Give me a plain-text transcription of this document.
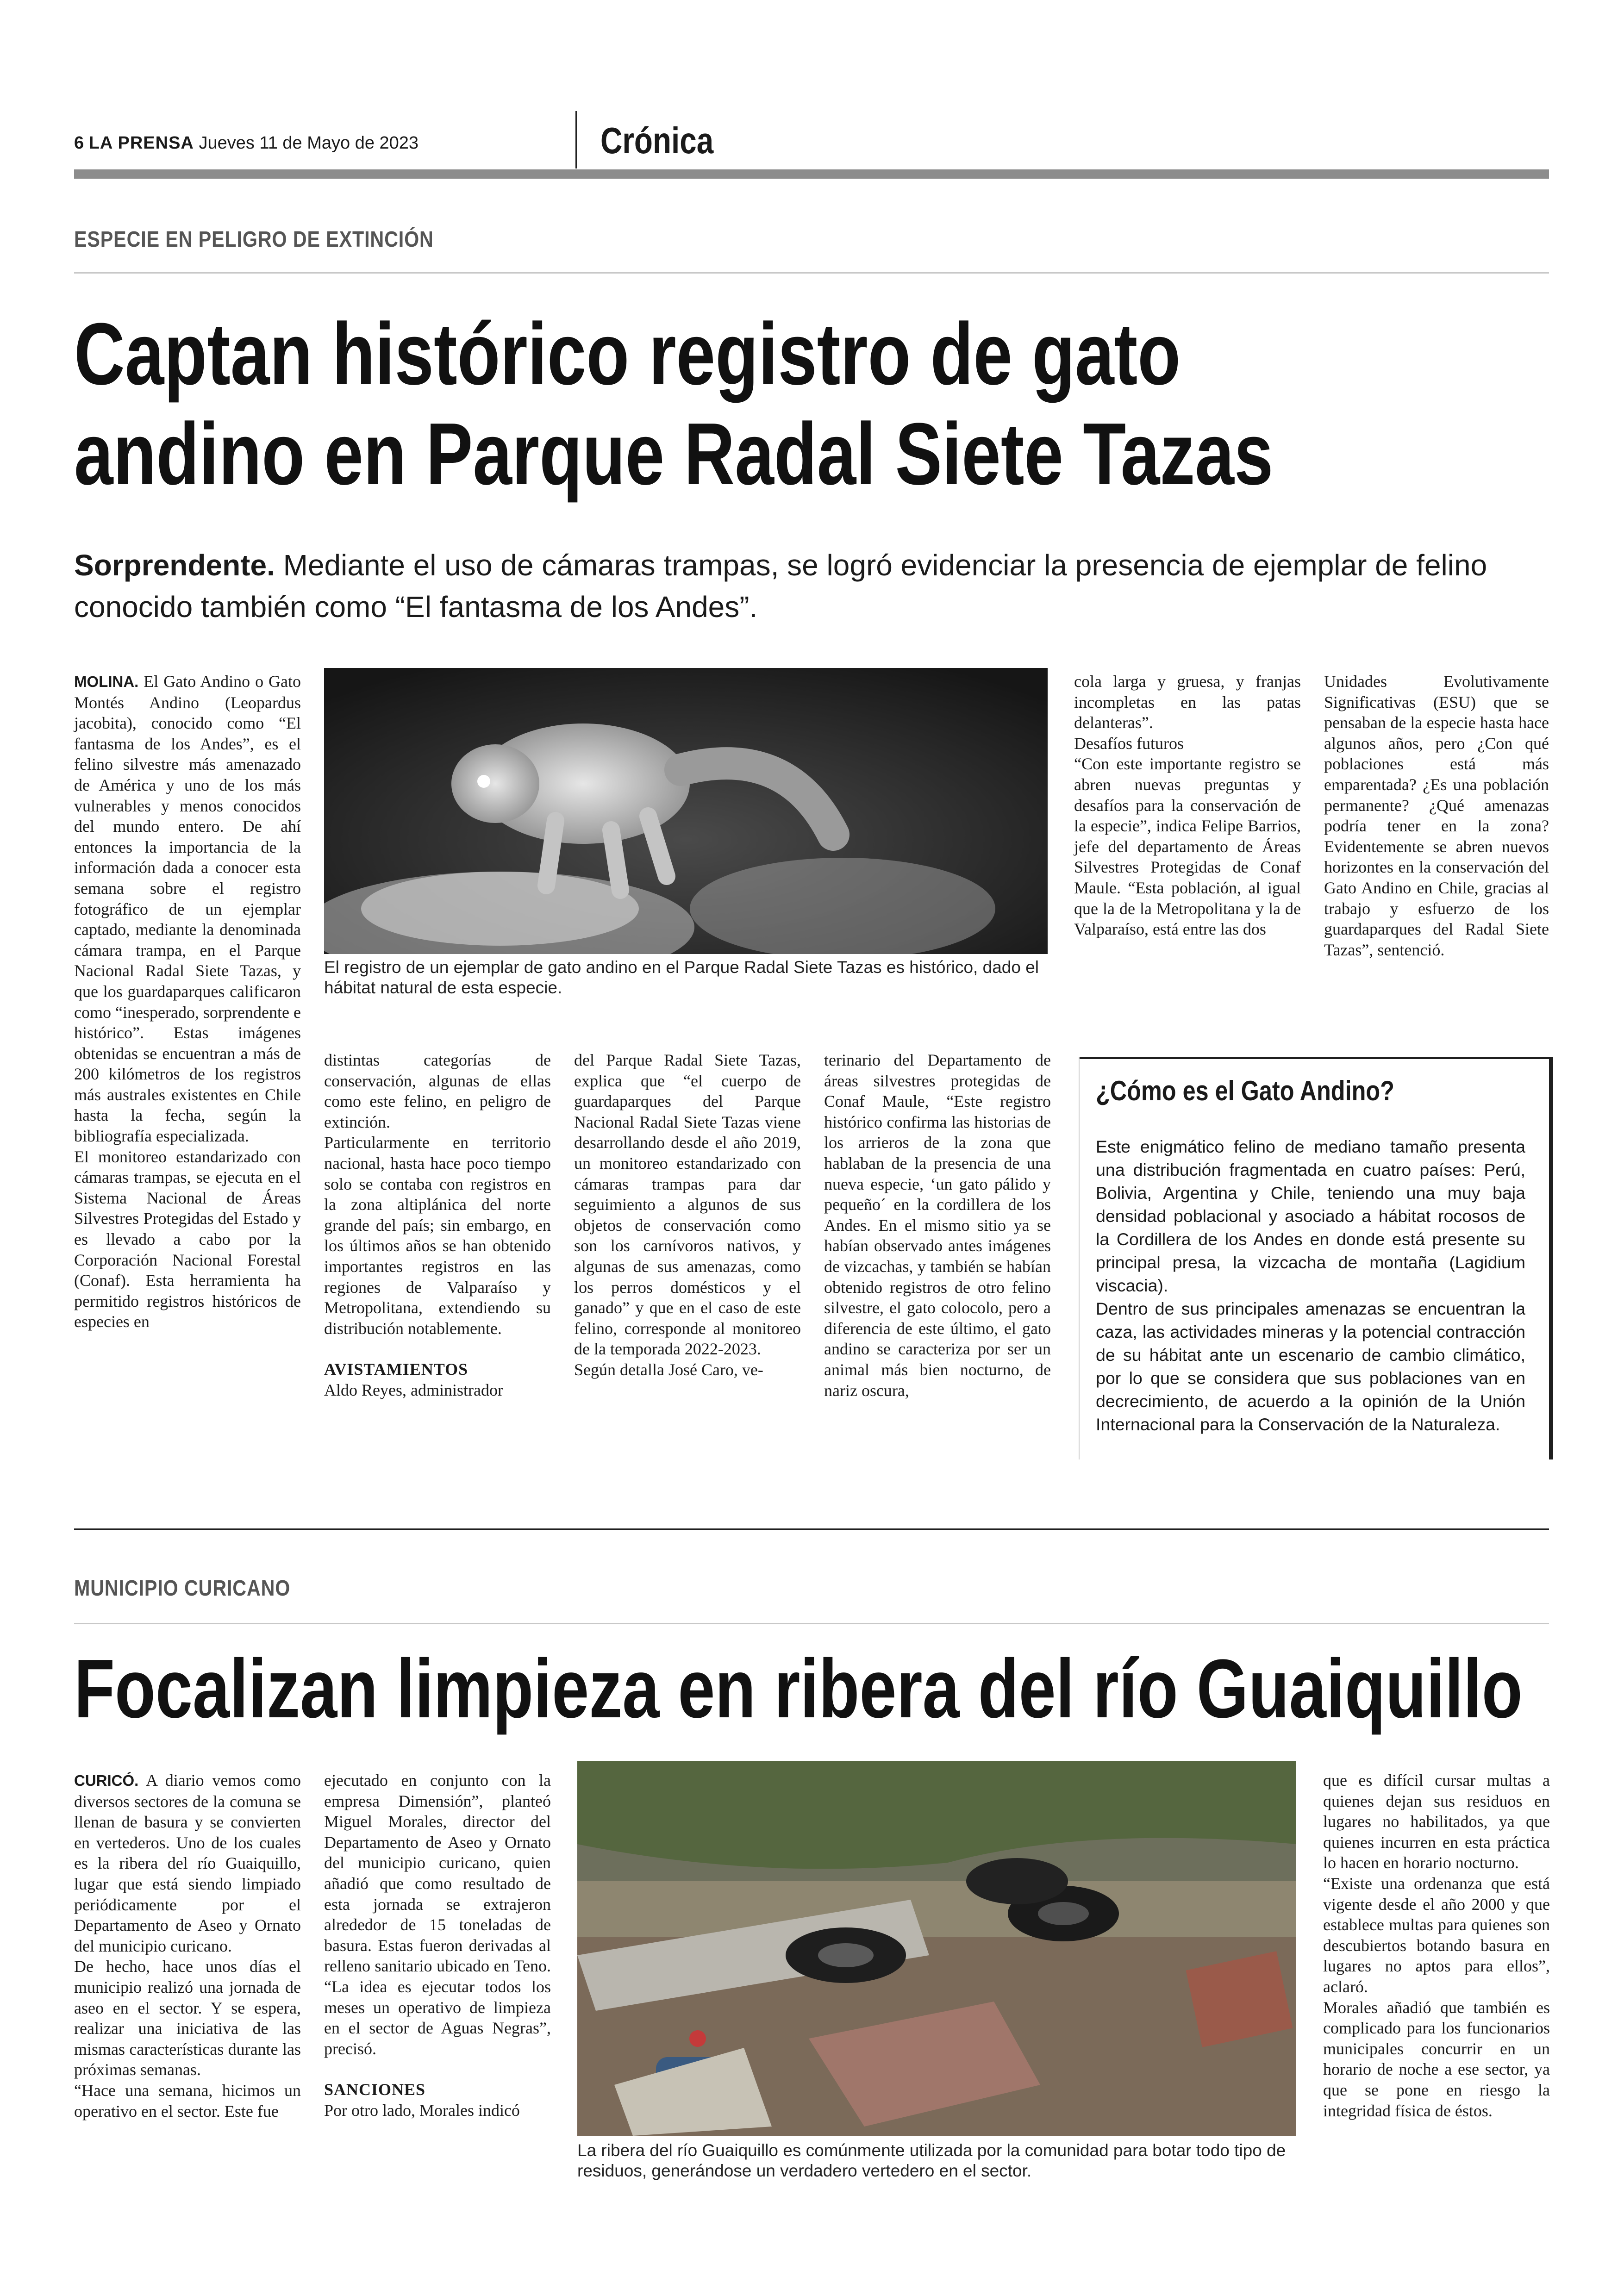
6 LA PRENSA Jueves 11 de Mayo de 2023	Crónica
ESPECIE EN PELIGRO DE EXTINCIÓN
Captan histórico registro de gato
andino en Parque Radal Siete Tazas
Sorprendente. Mediante el uso de cámaras trampas, se logró evidenciar la presencia de ejemplar de felino conocido también como “El fantasma de los Andes”.

MOLINA. El Gato Andino o Gato Montés Andino (Leopardus jacobita), conocido como “El fantasma de los Andes”, es el felino silvestre más amenazado de América y uno de los más vulnerables y menos conocidos del mundo entero. De ahí entonces la importancia de la información dada a conocer esta semana sobre el registro fotográfico de un ejemplar captado, mediante la denominada cámara trampa, en el Parque Nacional Radal Siete Tazas, y que los guardaparques calificaron como “inesperado, sorprendente e histórico”. Estas imágenes obtenidas se encuentran a más de 200 kilómetros de los registros más australes existentes en Chile hasta la fecha, según la bibliografía especializada.

El monitoreo estandarizado con cámaras trampas, se ejecuta en el Sistema Nacional de Áreas Silvestres Protegidas del Estado y es llevado a cabo por la Corporación Nacional Forestal (Conaf). Esta herramienta ha permitido registros históricos de especies en

El registro de un ejemplar de gato andino en el Parque Radal Siete Tazas es histórico, dado el hábitat natural de esta especie.

distintas categorías de conservación, algunas de ellas como este felino, en peligro de extinción.

Particularmente en territorio nacional, hasta hace poco tiempo solo se contaba con registros en la zona altiplánica del norte grande del país; sin embargo, en los últimos años se han obtenido importantes registros en las regiones de Valparaíso y Metropolitana, extendiendo su distribución notablemente.

AVISTAMIENTOS

Aldo Reyes, administrador

del Parque Radal Siete Tazas, explica que “el cuerpo de guardaparques del Parque Nacional Radal Siete Tazas viene desarrollando desde el año 2019, un monitoreo estandarizado con cámaras trampas para dar seguimiento a algunos de sus objetos de conservación como son los carnívoros nativos, y algunas de sus amenazas, como los perros domésticos y el ganado” y que en el caso de este felino, corresponde al monitoreo de la temporada 2022-2023.

Según detalla José Caro, ve-

terinario del Departamento de áreas silvestres protegidas de Conaf Maule, “Este registro histórico confirma las historias de los arrieros de la zona que hablaban de la presencia de una nueva especie, ‘un gato pálido y pequeño´ en la cordillera de los Andes. En el mismo sitio ya se habían observado antes imágenes de vizcachas, y también se habían obtenido registros de otro felino silvestre, el gato colocolo, pero a diferencia de este último, el gato andino se caracteriza por ser un animal más bien nocturno, de nariz oscura,

cola larga y gruesa, y franjas incompletas en las patas delanteras”.

Desafíos futuros

“Con este importante registro se abren nuevas preguntas y desafíos para la conservación de la especie”, indica Felipe Barrios, jefe del departamento de Áreas Silvestres Protegidas de Conaf Maule. “Esta población, al igual que la de la Metropolitana y la de Valparaíso, está entre las dos

Unidades Evolutivamente Significativas (ESU) que se pensaban de la especie hasta hace algunos años, pero ¿Con qué poblaciones está más emparentada? ¿Es una población permanente? ¿Qué amenazas podría tener en la zona? Evidentemente se abren nuevos horizontes en la conservación del Gato Andino en Chile, gracias al trabajo y esfuerzo de los guardaparques del Radal Siete Tazas”, sentenció.

¿Cómo es el Gato Andino?

Este enigmático felino de mediano tamaño presenta una distribución fragmentada en cuatro países: Perú, Bolivia, Argentina y Chile, teniendo una muy baja densidad poblacional y asociado a hábitat rocosos de la Cordillera de los Andes en donde está presente su principal presa, la vizcacha de montaña (Lagidium viscacia).

Dentro de sus principales amenazas se encuentran la caza, las actividades mineras y la potencial contracción de su hábitat ante un escenario de cambio climático, por lo que se considera que sus poblaciones van en decrecimiento, de acuerdo a la opinión de la Unión Internacional para la Conservación de la Naturaleza.

MUNICIPIO CURICANO
Focalizan limpieza en ribera del río Guaiquillo

CURICÓ. A diario vemos como diversos sectores de la comuna se llenan de basura y se convierten en vertederos. Uno de los cuales es la ribera del río Guaiquillo, lugar que está siendo limpiado periódicamente por el Departamento de Aseo y Ornato del municipio curicano.

De hecho, hace unos días el municipio realizó una jornada de aseo en el sector. Y se espera, realizar una iniciativa de las mismas características durante las próximas semanas.

“Hace una semana, hicimos un operativo en el sector. Este fue

ejecutado en conjunto con la empresa Dimensión”, planteó Miguel Morales, director del Departamento de Aseo y Ornato del municipio curicano, quien añadió que como resultado de esta jornada se extrajeron alrededor de 15 toneladas de basura. Estas fueron derivadas al relleno sanitario ubicado en Teno. “La idea es ejecutar todos los meses un operativo de limpieza en el sector de Aguas Negras”, precisó.

SANCIONES

Por otro lado, Morales indicó

La ribera del río Guaiquillo es comúnmente utilizada por la comunidad para botar todo tipo de residuos, generándose un verdadero vertedero en el sector.

que es difícil cursar multas a quienes dejan sus residuos en lugares no habilitados, ya que quienes incurren en esta práctica lo hacen en horario nocturno.

“Existe una ordenanza que está vigente desde el año 2000 y que establece multas para quienes son descubiertos botando basura en lugares no aptos para ellos”, aclaró.

Morales añadió que también es complicado para los funcionarios municipales concurrir en un horario de noche a ese sector, ya que se pone en riesgo la integridad física de éstos.
